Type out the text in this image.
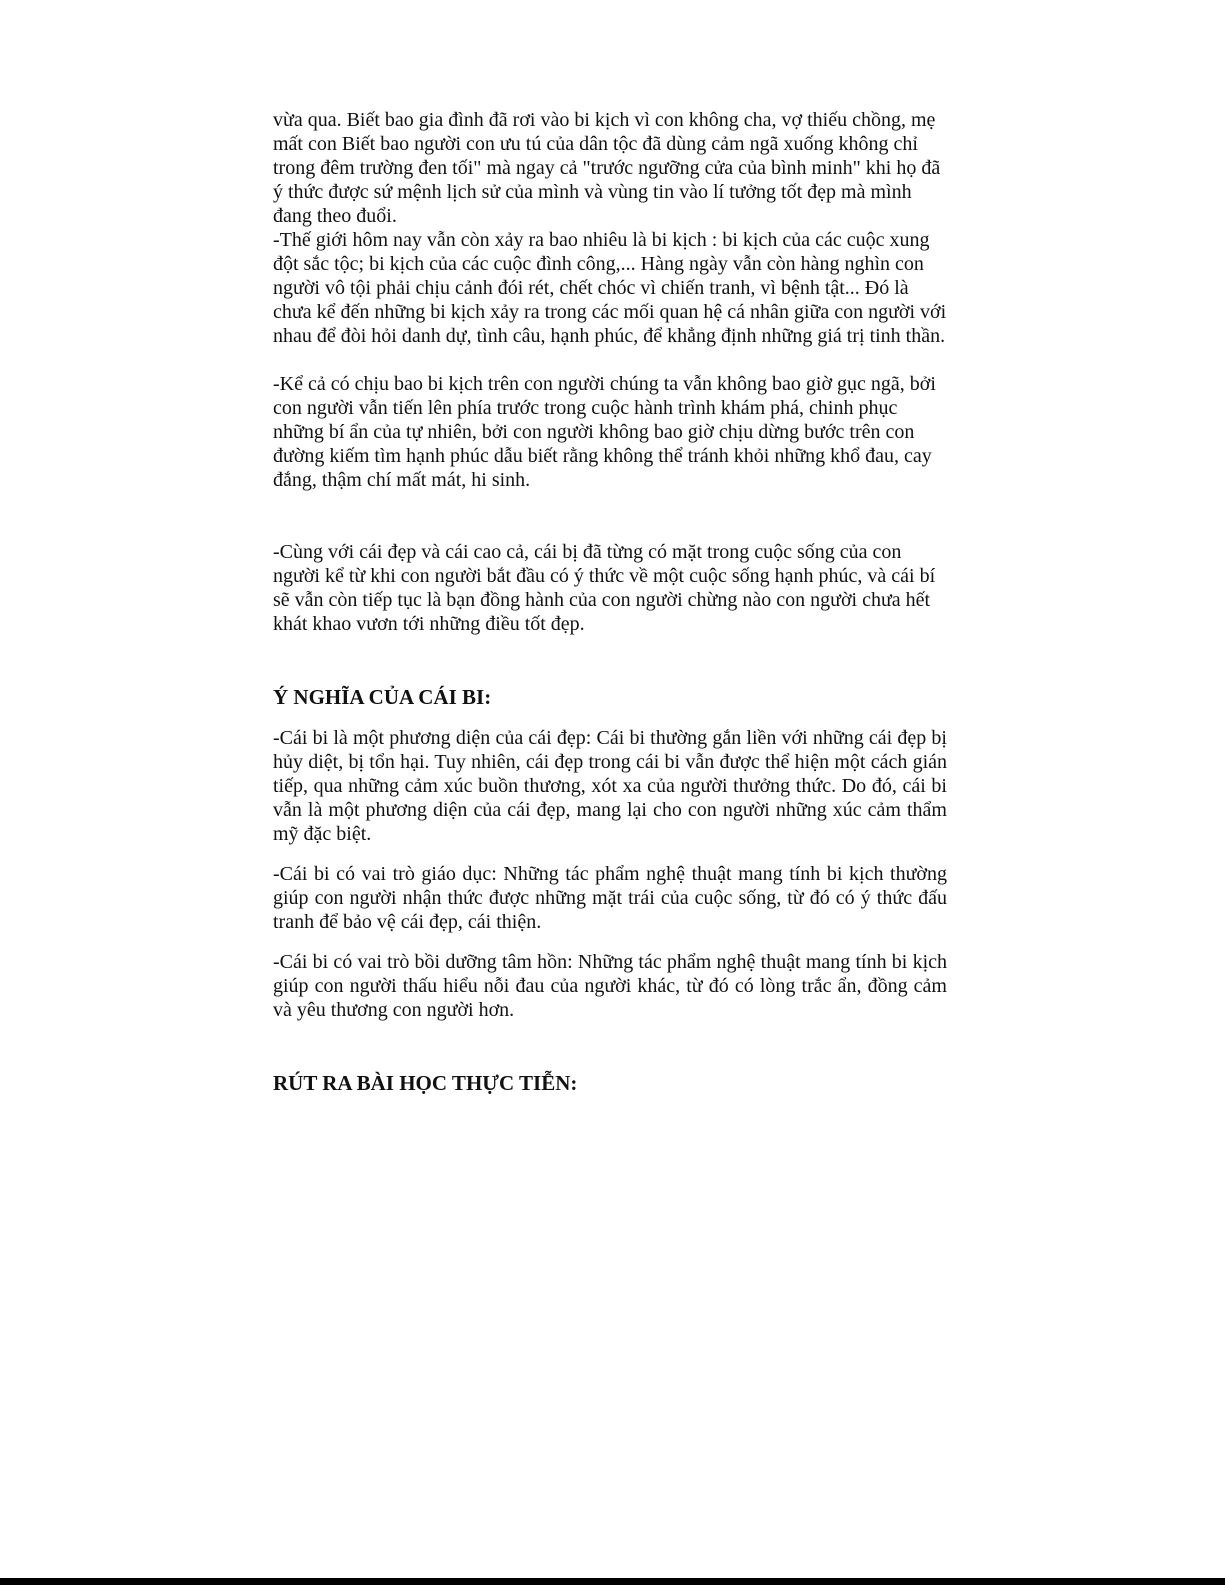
vừa qua. Biết bao gia đình đã rơi vào bi kịch vì con không cha, vợ thiếu chồng, mẹ mất con Biết bao người con ưu tú của dân tộc đã dùng cảm ngã xuống không chỉ trong đêm trường đen tối" mà ngay cả "trước ngưỡng cửa của bình minh" khi họ đã ý thức được sứ mệnh lịch sử của mình và vùng tin vào lí tưởng tốt đẹp mà mình đang theo đuổi.

-Thế giới hôm nay vẫn còn xảy ra bao nhiêu là bi kịch : bi kịch của các cuộc xung đột sắc tộc; bi kịch của các cuộc đình công,... Hàng ngày vẫn còn hàng nghìn con người vô tội phải chịu cảnh đói rét, chết chóc vì chiến tranh, vì bệnh tật... Đó là chưa kể đến những bi kịch xảy ra trong các mối quan hệ cá nhân giữa con người với nhau để đòi hỏi danh dự, tình câu, hạnh phúc, để khẳng định những giá trị tinh thần.

-Kể cả có chịu bao bi kịch trên con người chúng ta vẫn không bao giờ gục ngã, bởi con người vẫn tiến lên phía trước trong cuộc hành trình khám phá, chinh phục những bí ẩn của tự nhiên, bởi con người không bao giờ chịu dừng bước trên con đường kiếm tìm hạnh phúc dẫu biết rằng không thể tránh khỏi những khổ đau, cay đắng, thậm chí mất mát, hi sinh.

-Cùng với cái đẹp và cái cao cả, cái bị đã từng có mặt trong cuộc sống của con người kể từ khi con người bắt đầu có ý thức về một cuộc sống hạnh phúc, và cái bí sẽ vẫn còn tiếp tục là bạn đồng hành của con người chừng nào con người chưa hết khát khao vươn tới những điều tốt đẹp.

Ý NGHĨA CỦA CÁI BI:

-Cái bi là một phương diện của cái đẹp: Cái bi thường gắn liền với những cái đẹp bị hủy diệt, bị tổn hại. Tuy nhiên, cái đẹp trong cái bi vẫn được thể hiện một cách gián tiếp, qua những cảm xúc buồn thương, xót xa của người thưởng thức. Do đó, cái bi vẫn là một phương diện của cái đẹp, mang lại cho con người những xúc cảm thẩm mỹ đặc biệt.

-Cái bi có vai trò giáo dục: Những tác phẩm nghệ thuật mang tính bi kịch thường giúp con người nhận thức được những mặt trái của cuộc sống, từ đó có ý thức đấu tranh để bảo vệ cái đẹp, cái thiện.

-Cái bi có vai trò bồi dưỡng tâm hồn: Những tác phẩm nghệ thuật mang tính bi kịch giúp con người thấu hiểu nỗi đau của người khác, từ đó có lòng trắc ẩn, đồng cảm và yêu thương con người hơn.

RÚT RA BÀI HỌC THỰC TIỄN:
